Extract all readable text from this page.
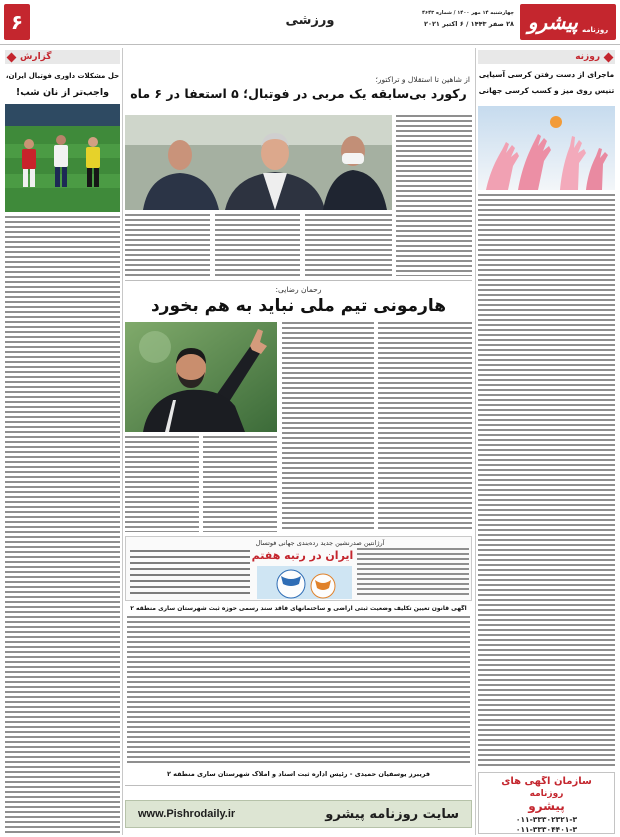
روزنامه
پیشرو
چهارشنبه ۱۴ مهر ۱۴۰۰ / شماره ۴۶۴۳
۲۸ صفر ۱۴۴۳ / ۶ اکتبر ۲۰۲۱
ورزشی
۶
روزنه
ماجرای از دست رفتن کرسی آسیایی
تنیس روی میز و کسب کرسی جهانی
سازمان آگهی های
روزنامه
پیشرو
۰۱۱-۳۳۳۰۲۳۲۱-۳
۰۱۱-۳۳۳۰۴۴۰۱-۳
گزارش
حل مشکلات داوری فوتبال ایران،
واجب‌تر از نان شب!
از شاهین تا استقلال و تراکتور؛
رکورد بی‌سابقه یک مربی در فوتبال؛ ۵ استعفا در ۶ ماه
رحمان رضایی:
هارمونی تیم ملی نباید به هم بخورد
آرژانتین صدرنشین جدید رده‌بندی جهانی فوتسال
ایران در رتبه هفتم
آگهی قانون تعیین تکلیف وضعیت ثبتی اراضی و ساختمانهای فاقد سند رسمی حوزه ثبت شهرستان ساری منطقه ۲
فریبرز یوسفیان حمیدی - رئیس اداره ثبت اسناد و املاک شهرستان ساری منطقه ۲
سایت روزنامه پیشرو
www.Pishrodaily.ir
